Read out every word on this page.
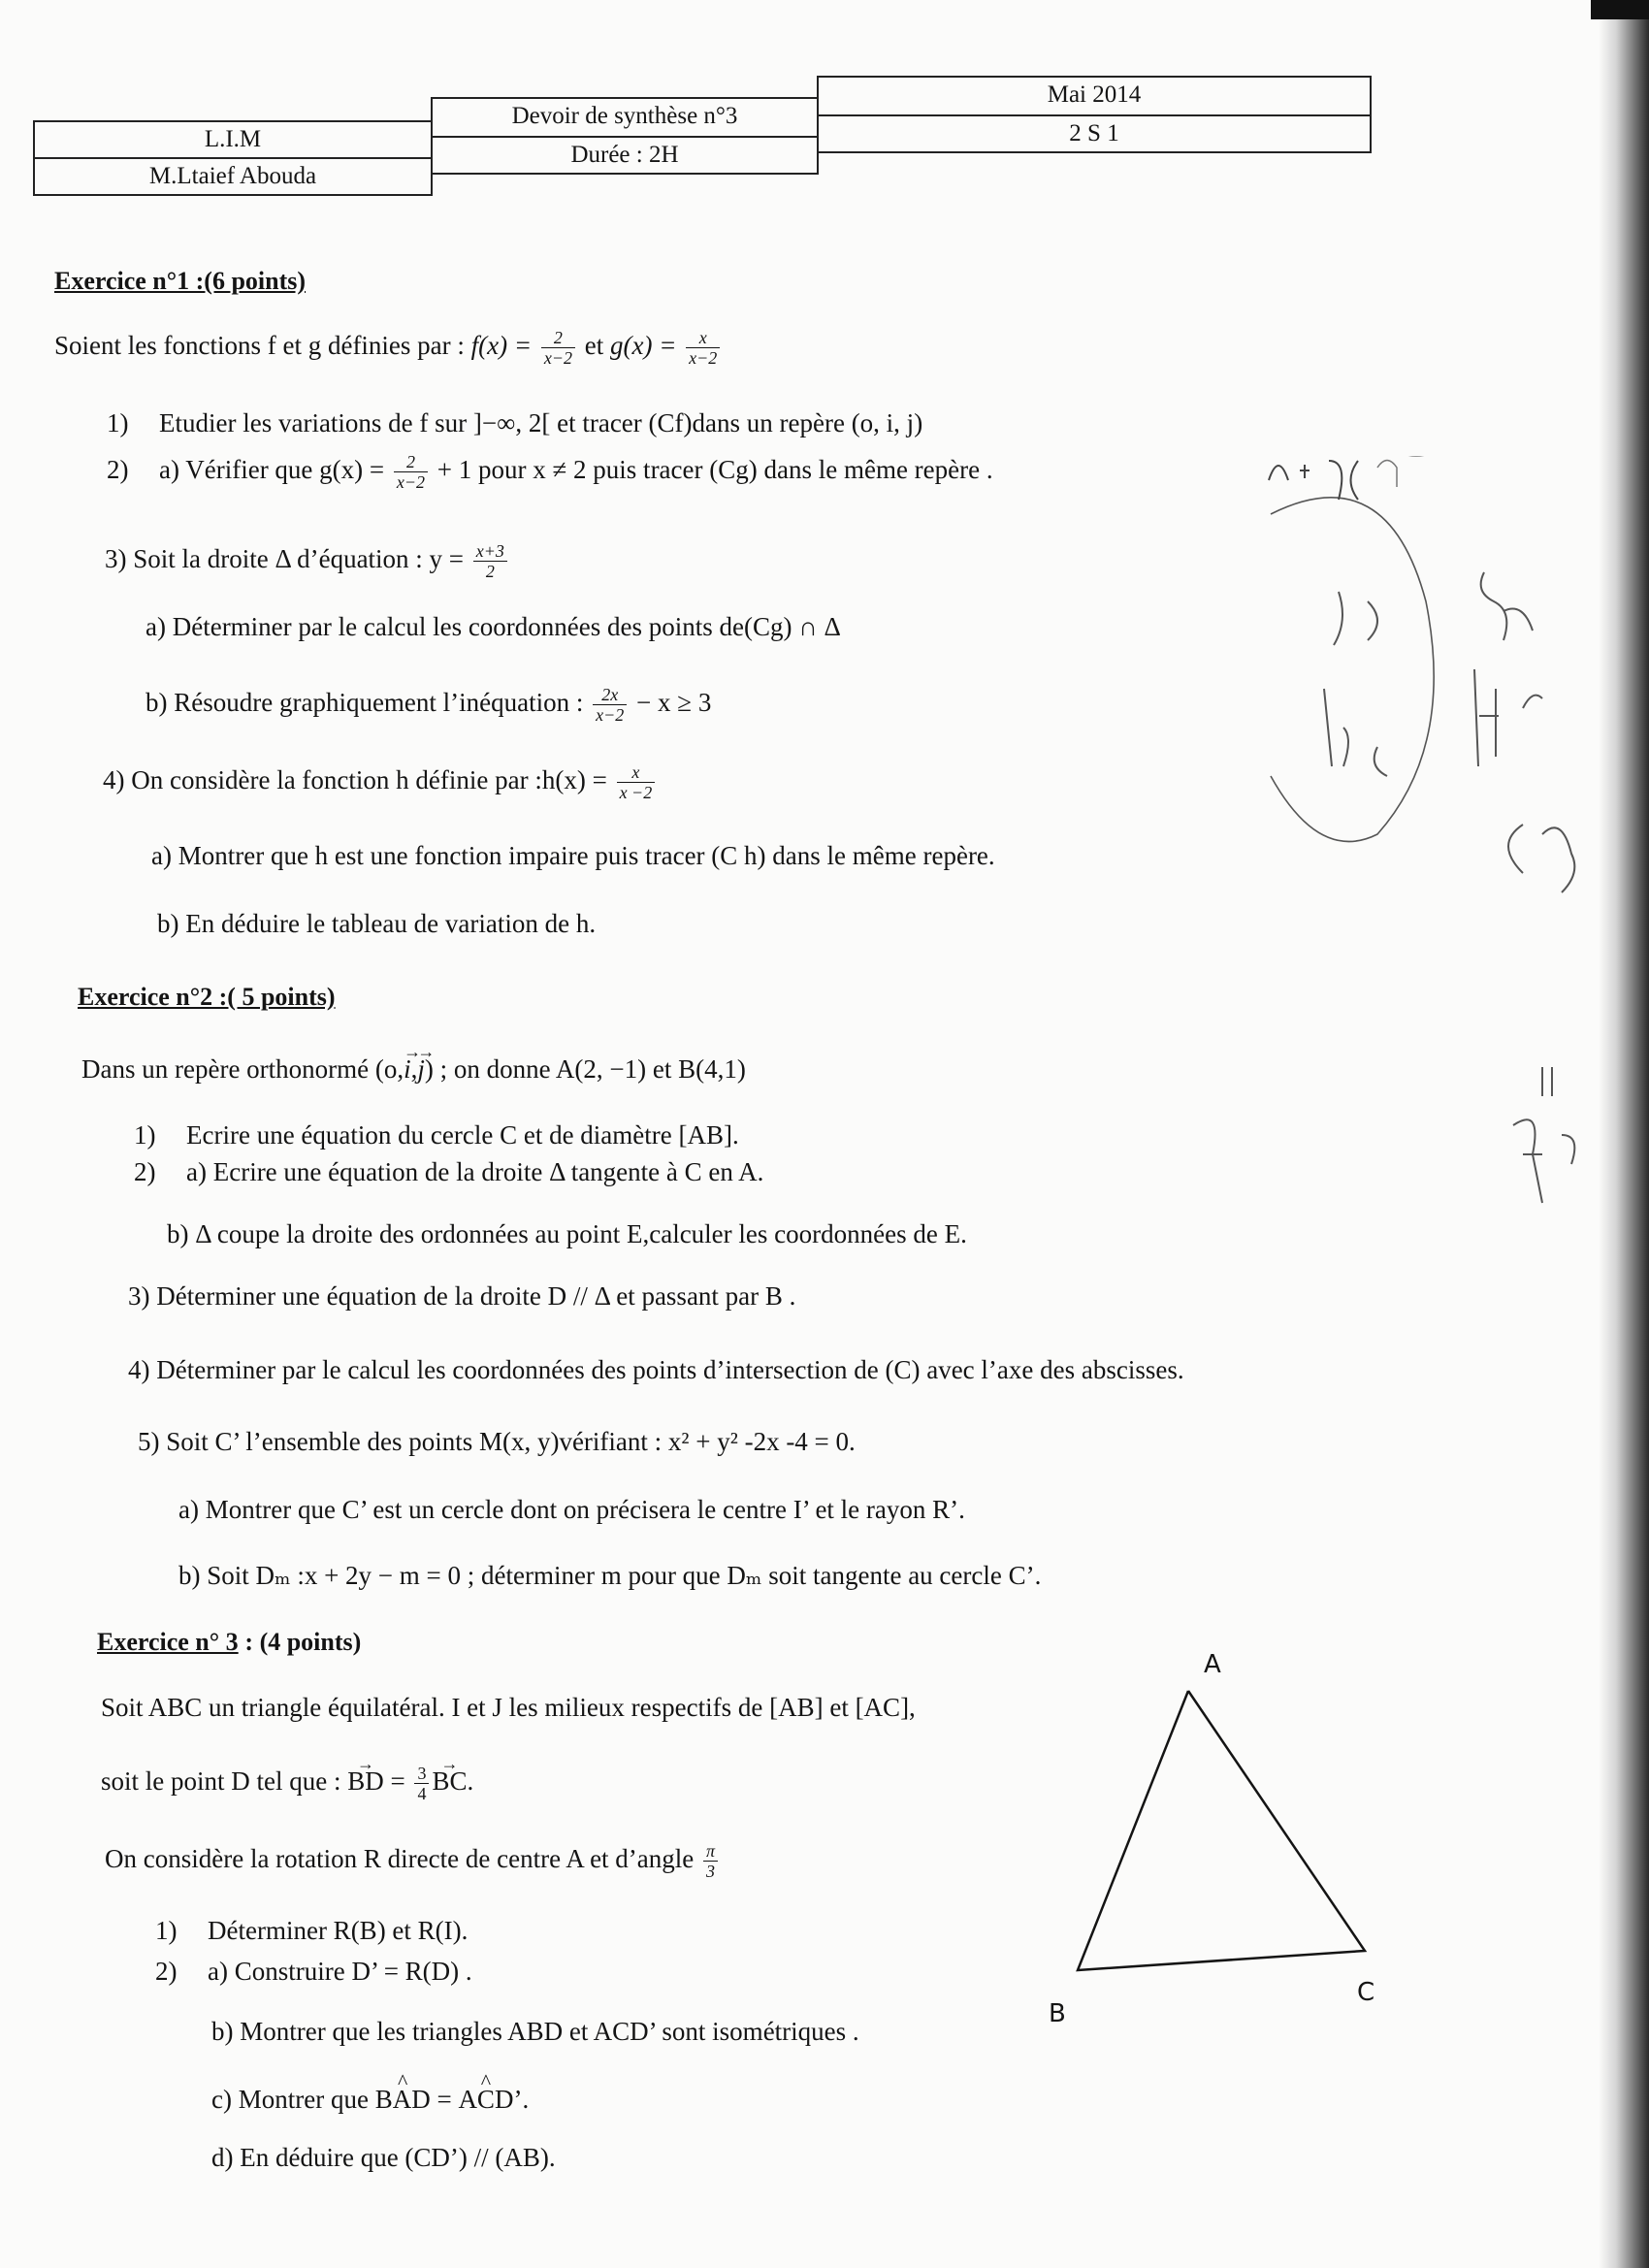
L.I.M
M.Ltaief Abouda
Devoir de synthèse n°3
Durée : 2H
Mai 2014
2 S 1
Exercice n°1 :(6 points)
Soient les fonctions f et g définies par : $f(x) = \frac{2}{x-2}$ et $g(x) = \frac{x}{x-2}$
1) Etudier les variations de f sur ]−∞, 2[ et tracer (Cf)dans un repère (o, i, j)
2) a) Vérifier que $g(x) = \frac{2}{x-2} + 1$ pour x ≠ 2 puis tracer (Cg) dans le même repère .
3) Soit la droite Δ d’équation : $y = \frac{x+3}{2}$
a) Déterminer par le calcul les coordonnées des points de(Cg) ∩ Δ
b) Résoudre graphiquement l’inéquation : $\frac{2x}{x-2} - x \ge 3$
4) On considère la fonction h définie par :h(x) = $\frac{x}{x -2}$
a) Montrer que h est une fonction impaire puis tracer (C h) dans le même repère.
b) En déduire le tableau de variation de h.
Exercice n°2 :( 5 points)
Dans un repère orthonormé (o,→ i,→ j) ; on donne A(2, −1) et B(4,1)
1) Ecrire une équation du cercle C et de diamètre [AB].
2) a) Ecrire une équation de la droite Δ tangente à C en A.
b) Δ coupe la droite des ordonnées au point E,calculer les coordonnées de E.
3) Déterminer une équation de la droite D // Δ et passant par B .
4) Déterminer par le calcul les coordonnées des points d’intersection de (C) avec l’axe des abscisses.
5) Soit C’ l’ensemble des points M(x, y)vérifiant : x² + y² -2x -4 = 0.
a) Montrer que C’ est un cercle dont on précisera le centre I’ et le rayon R’.
b) Soit Dₘ :x + 2y − m = 0 ; déterminer m pour que Dₘ soit tangente au cercle C’.
Exercice n° 3 : (4 points)
Soit ABC un triangle équilatéral. I et J les milieux respectifs de [AB] et [AC],
soit le point D tel que : → BD = $\frac{3}{4}$ → BC.
On considère la rotation R directe de centre A et d’angle $\frac{\pi}{3}$
1) Déterminer R(B) et R(I).
2) a) Construire D’ = R(D) .
b) Montrer que les triangles ABD et ACD’ sont isométriques .
c) Montrer que ^ BAD = ^ ACD’.
d) En déduire que (CD’) // (AB).
A
B
C
